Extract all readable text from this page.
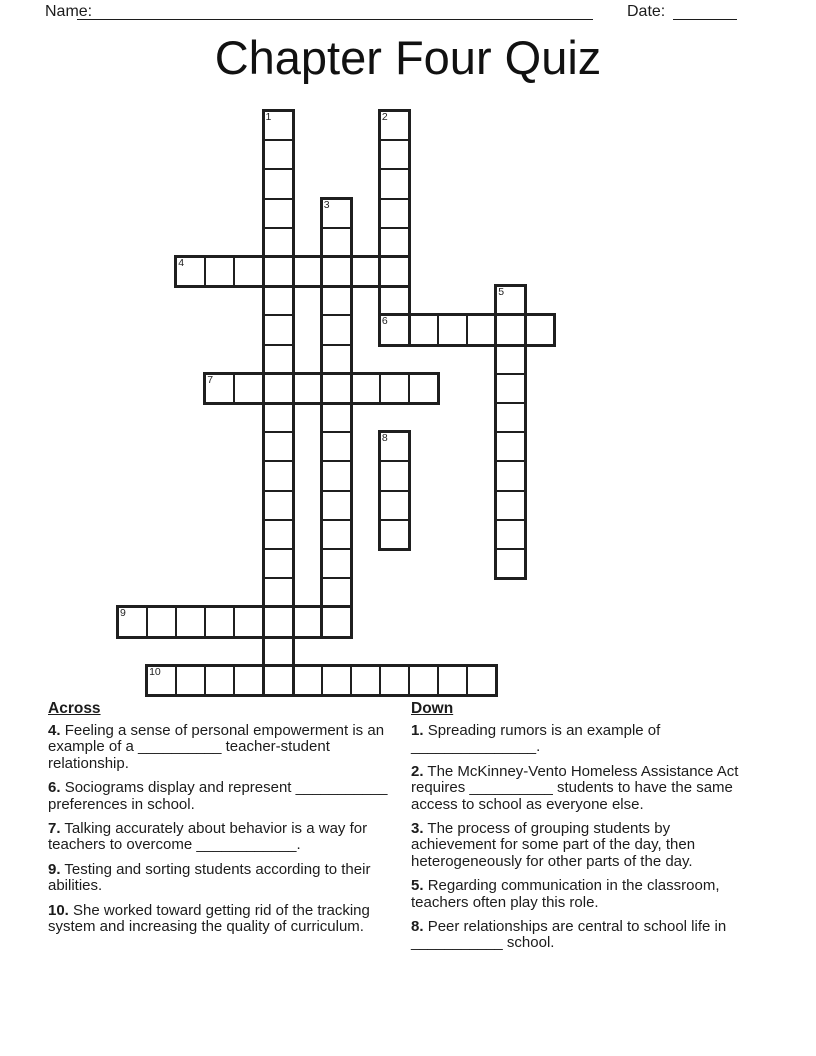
Name:	Date:
Chapter Four Quiz
1	2
3
4
5
6
7
8
9
10
Across
4. Feeling a sense of personal empowerment is an example of a __________ teacher-student relationship.
6. Sociograms display and represent ___________ preferences in school.
7. Talking accurately about behavior is a way for teachers to overcome ____________.
9. Testing and sorting students according to their abilities.
10. She worked toward getting rid of the tracking system and increasing the quality of curriculum.
Down
1. Spreading rumors is an example of _______________.
2. The McKinney-Vento Homeless Assistance Act requires __________ students to have the same access to school as everyone else.
3. The process of grouping students by achievement for some part of the day, then heterogeneously for other parts of the day.
5. Regarding communication in the classroom, teachers often play this role.
8. Peer relationships are central to school life in ___________ school.
